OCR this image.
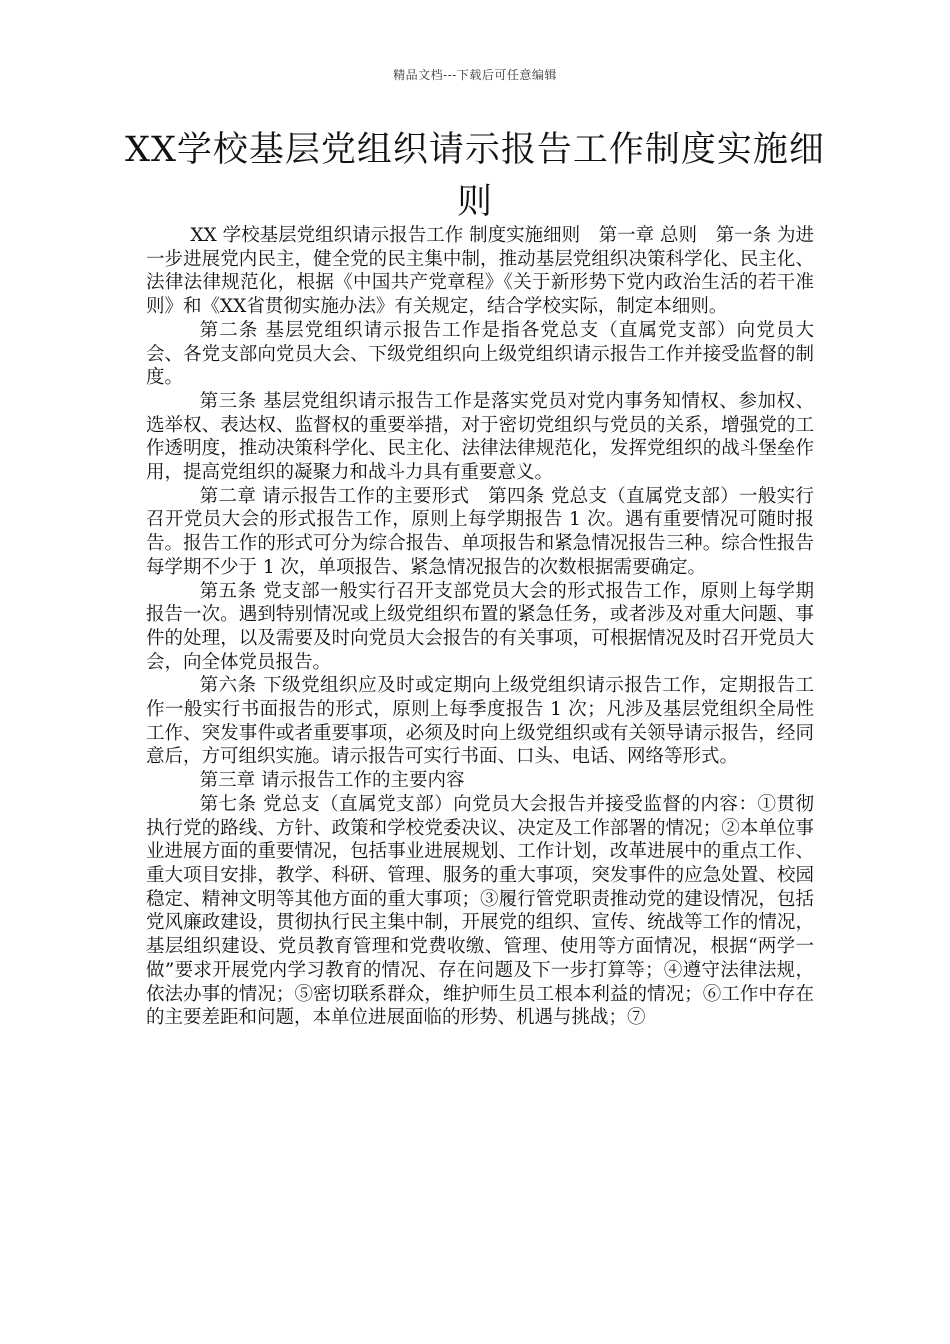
精品文档---下载后可任意编辑
XX学校基层党组织请示报告工作制度实施细则

XX 学校基层党组织请示报告工作 制度实施细则　第一章 总则　第一条 为进一步进展党内民主，健全党的民主集中制，推动基层党组织决策科学化、民主化、法律法律规范化，根据《中国共产党章程》《关于新形势下党内政治生活的若干准则》和《XX省贯彻实施办法》有关规定，结合学校实际，制定本细则。

第二条 基层党组织请示报告工作是指各党总支（直属党支部）向党员大会、各党支部向党员大会、下级党组织向上级党组织请示报告工作并接受监督的制度。

第三条 基层党组织请示报告工作是落实党员对党内事务知情权、参加权、选举权、表达权、监督权的重要举措，对于密切党组织与党员的关系，增强党的工作透明度，推动决策科学化、民主化、法律法律规范化，发挥党组织的战斗堡垒作用，提高党组织的凝聚力和战斗力具有重要意义。

第二章 请示报告工作的主要形式　第四条 党总支（直属党支部）一般实行召开党员大会的形式报告工作，原则上每学期报告 1 次。遇有重要情况可随时报告。报告工作的形式可分为综合报告、单项报告和紧急情况报告三种。综合性报告每学期不少于 1 次，单项报告、紧急情况报告的次数根据需要确定。

第五条 党支部一般实行召开支部党员大会的形式报告工作，原则上每学期报告一次。遇到特别情况或上级党组织布置的紧急任务，或者涉及对重大问题、事件的处理，以及需要及时向党员大会报告的有关事项，可根据情况及时召开党员大会，向全体党员报告。

第六条 下级党组织应及时或定期向上级党组织请示报告工作，定期报告工作一般实行书面报告的形式，原则上每季度报告 1 次；凡涉及基层党组织全局性工作、突发事件或者重要事项，必须及时向上级党组织或有关领导请示报告，经同意后，方可组织实施。请示报告可实行书面、口头、电话、网络等形式。

第三章 请示报告工作的主要内容

第七条 党总支（直属党支部）向党员大会报告并接受监督的内容：①贯彻执行党的路线、方针、政策和学校党委决议、决定及工作部署的情况；②本单位事业进展方面的重要情况，包括事业进展规划、工作计划，改革进展中的重点工作、重大项目安排，教学、科研、管理、服务的重大事项，突发事件的应急处置、校园稳定、精神文明等其他方面的重大事项；③履行管党职责推动党的建设情况，包括党风廉政建设，贯彻执行民主集中制，开展党的组织、宣传、统战等工作的情况，基层组织建设、党员教育管理和党费收缴、管理、使用等方面情况，根据“两学一做”要求开展党内学习教育的情况、存在问题及下一步打算等；④遵守法律法规，依法办事的情况；⑤密切联系群众，维护师生员工根本利益的情况；⑥工作中存在的主要差距和问题，本单位进展面临的形势、机遇与挑战；⑦
